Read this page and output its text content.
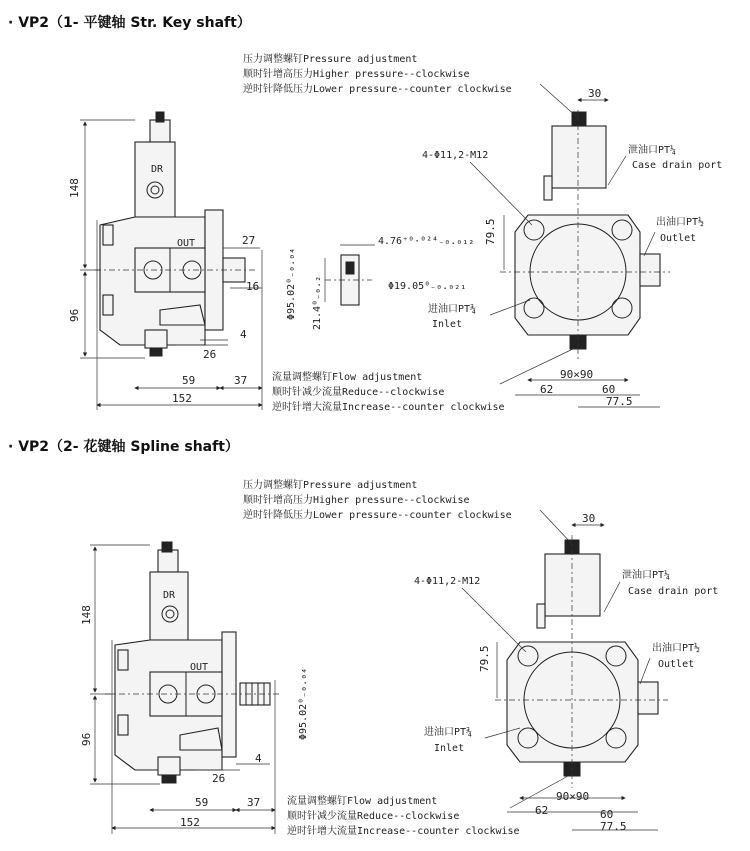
· VP2（1- 平键轴 Str. Key shaft）
· VP2（2- 花键轴 Spline shaft）
148
96
27
16
4
26
59	37
152
Φ95.02⁰₋₀.₀₄
DR
OUT	4.76⁺⁰·⁰²⁴₋₀.₀₁₂
Φ19.05⁰₋₀.₀₂₁
21.4⁰₋₀.₂
30
79.5
90×90
62	60
77.5
4-Φ11,2-M12	泄油口PT¼
Case drain port
出油口PT½
Outlet
进油口PT¾
Inlet
压力调整螺钉Pressure adjustment
顺时针增高压力Higher pressure--clockwise
逆时针降低压力Lower pressure--counter clockwise
流量调整螺钉Flow adjustment
顺时针减少流量Reduce--clockwise
逆时针增大流量Increase--counter clockwise
148
96
4
26
59	37
152
Φ95.02⁰₋₀.₀₄
DR
OUT
30
79.5
90×90
62	60
77.5
4-Φ11,2-M12
泄油口PT¼
Case drain port
出油口PT½
Outlet
进油口PT¾
Inlet
压力调整螺钉Pressure adjustment
顺时针增高压力Higher pressure--clockwise
逆时针降低压力Lower pressure--counter clockwise
流量调整螺钉Flow adjustment
顺时针减少流量Reduce--clockwise
逆时针增大流量Increase--counter clockwise
